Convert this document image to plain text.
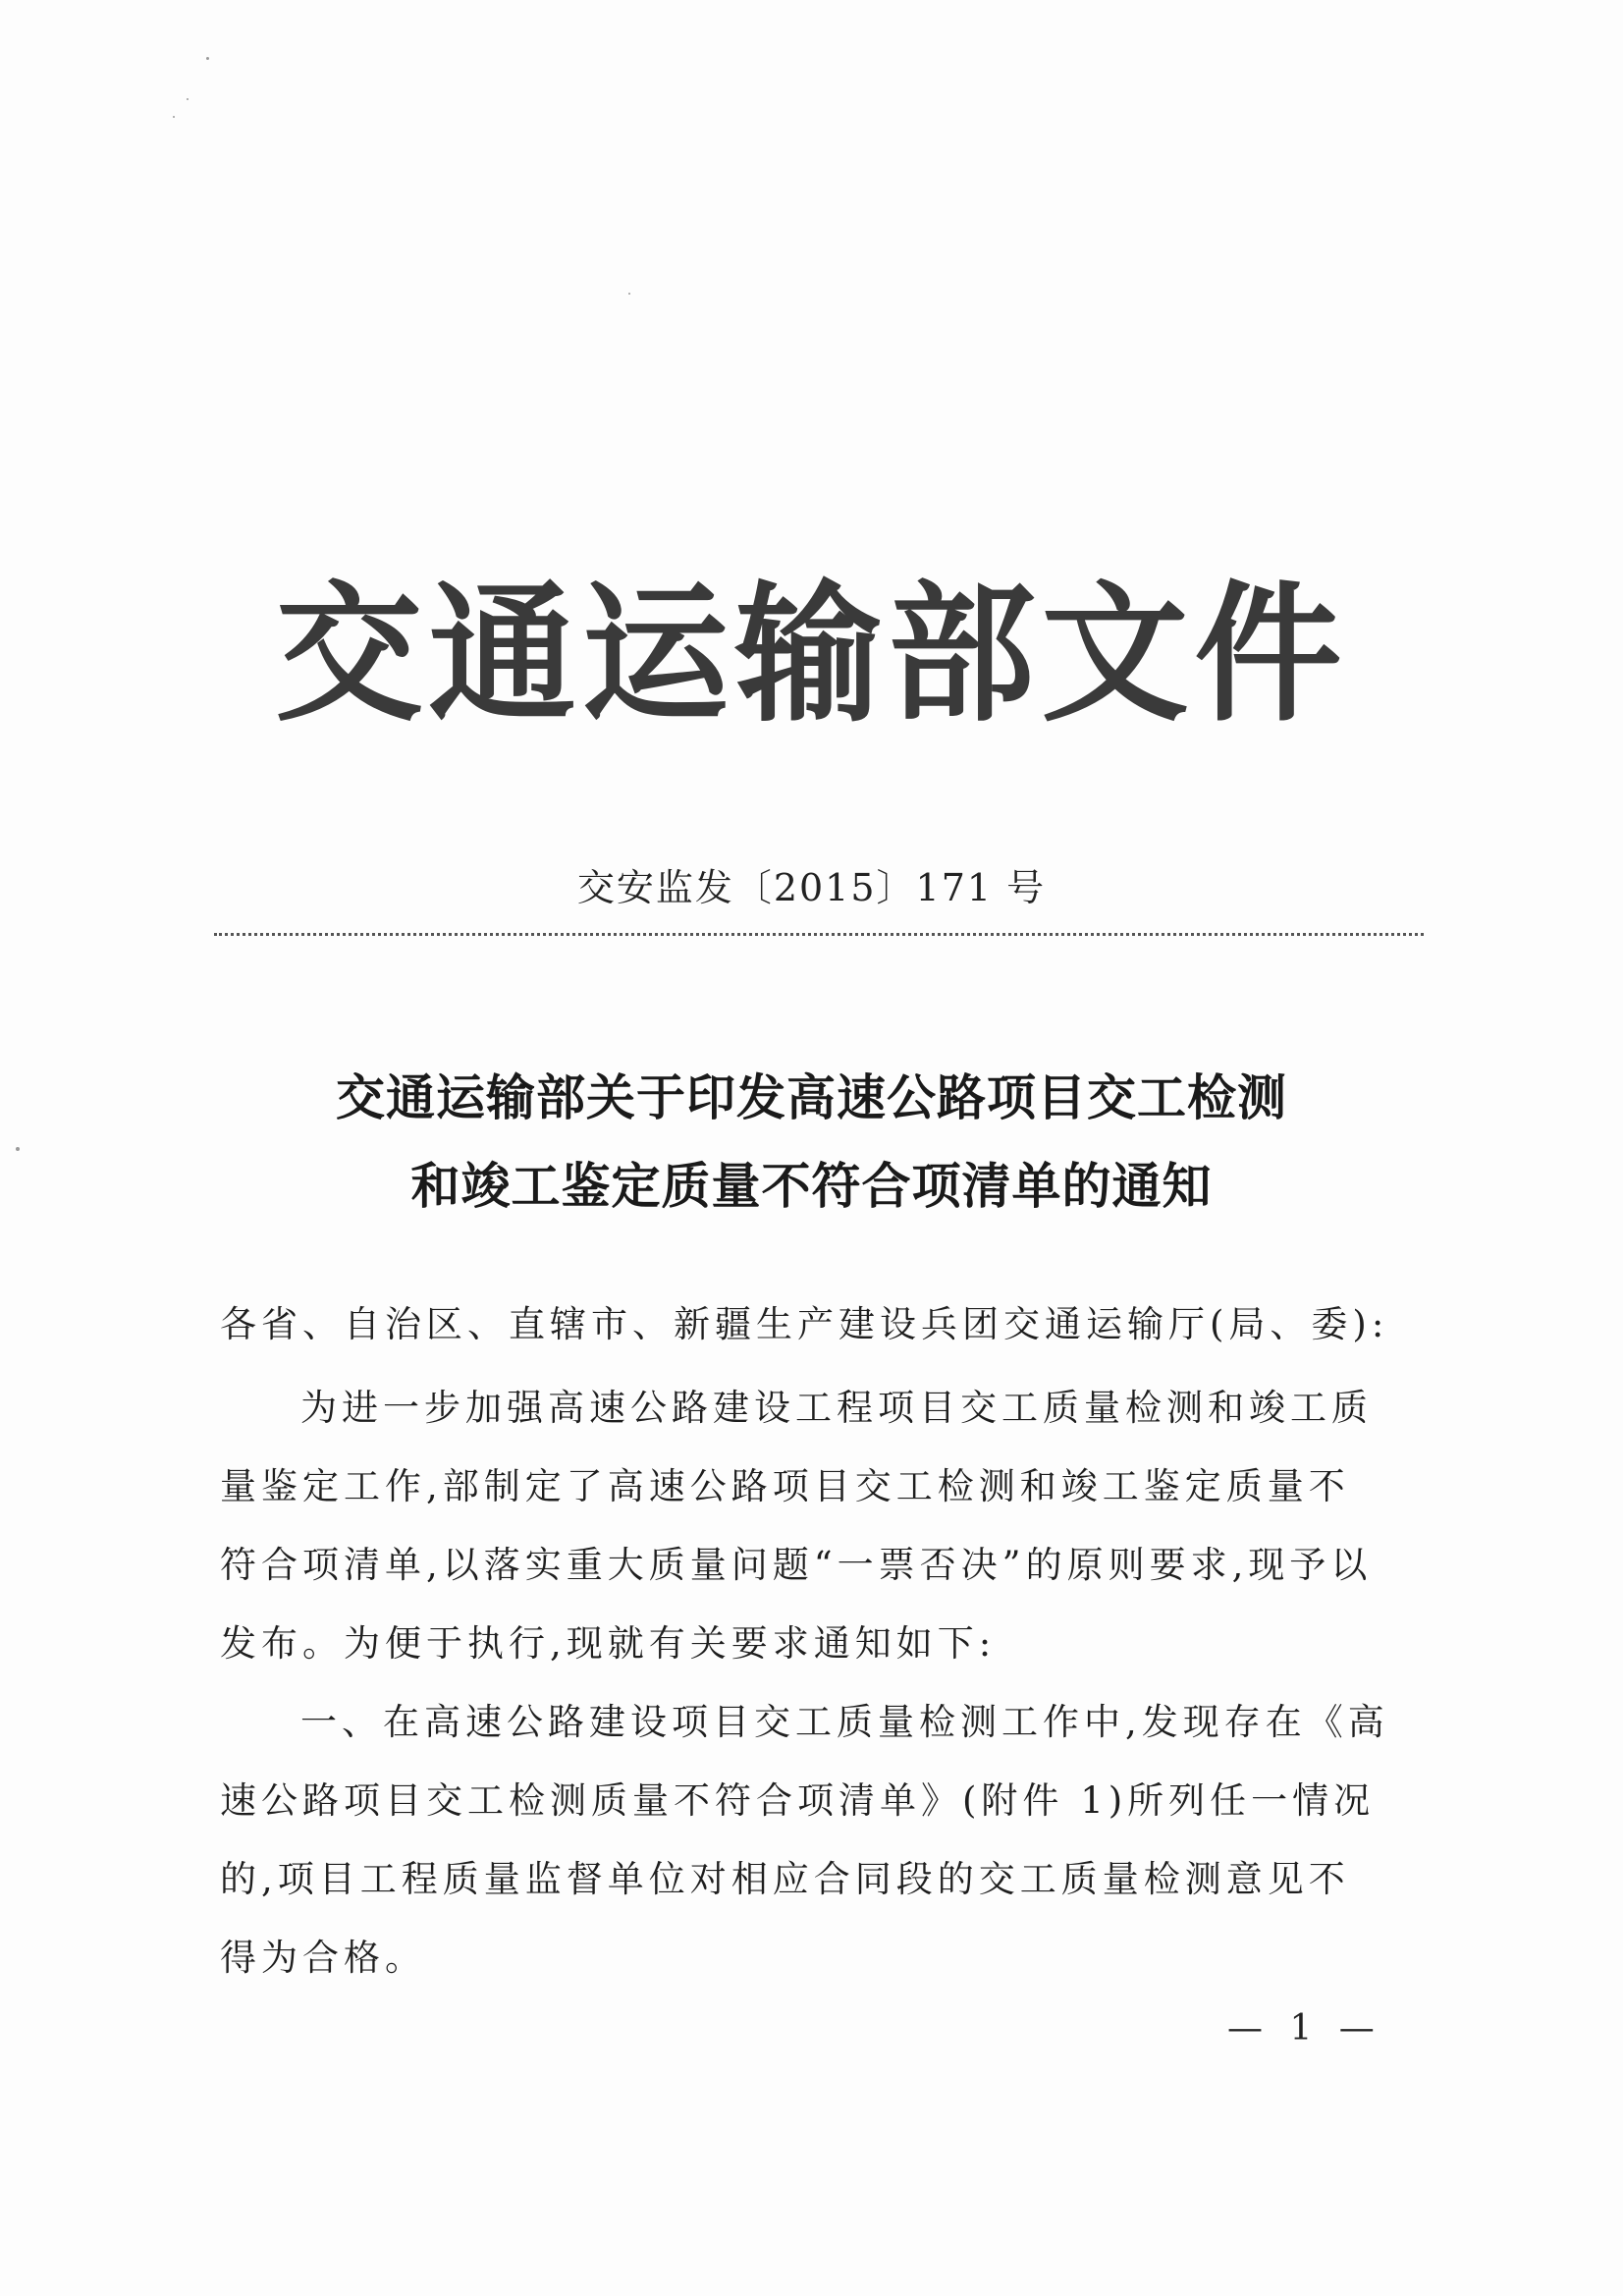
交通运输部文件
交安监发〔2015〕171 号
交通运输部关于印发高速公路项目交工检测
和竣工鉴定质量不符合项清单的通知
各省、自治区、直辖市、新疆生产建设兵团交通运输厅(局、委):
为进一步加强高速公路建设工程项目交工质量检测和竣工质
量鉴定工作,部制定了高速公路项目交工检测和竣工鉴定质量不
符合项清单,以落实重大质量问题“一票否决”的原则要求,现予以
发布。为便于执行,现就有关要求通知如下:
一、在高速公路建设项目交工质量检测工作中,发现存在《高
速公路项目交工检测质量不符合项清单》(附件 1)所列任一情况
的,项目工程质量监督单位对相应合同段的交工质量检测意见不
得为合格。
— 1 —
